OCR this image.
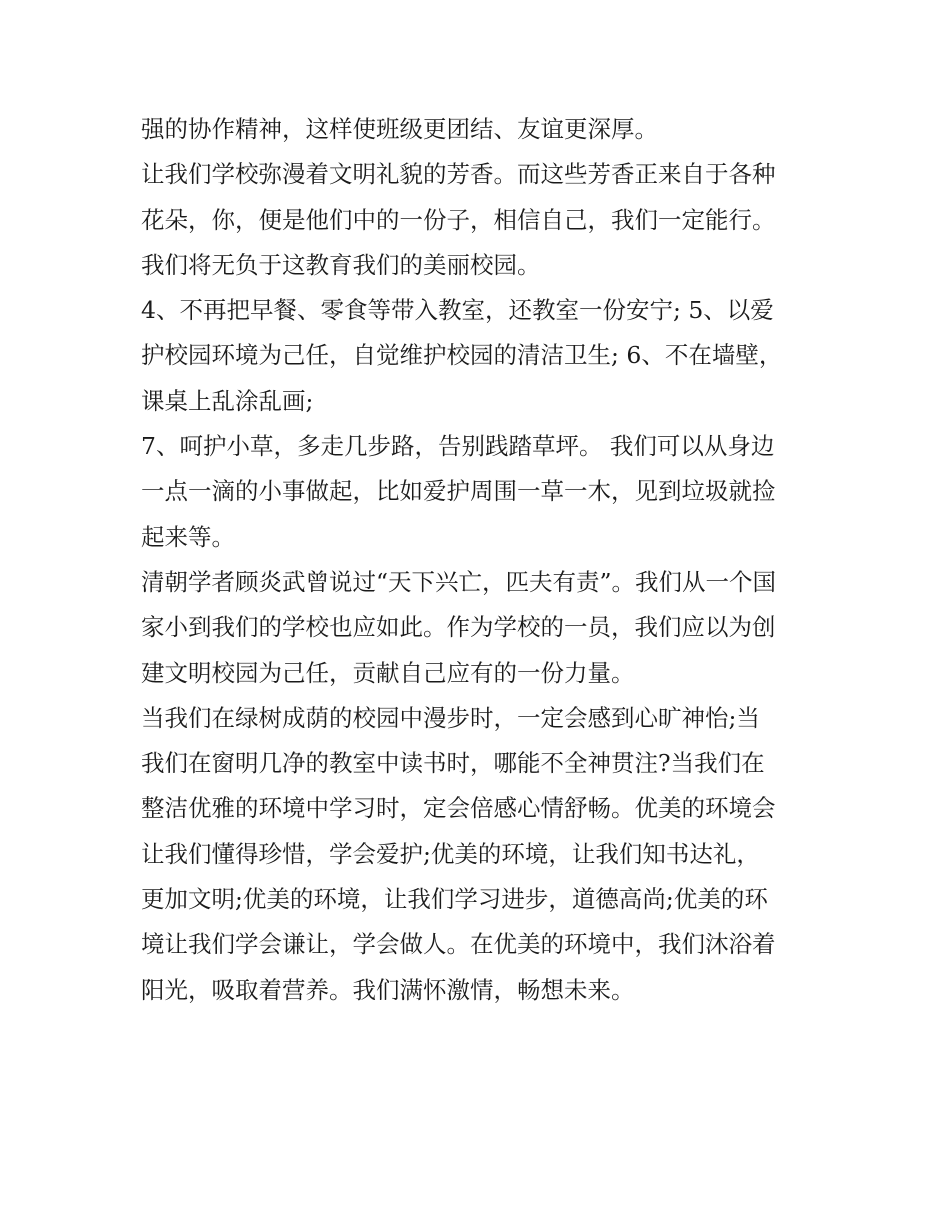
强的协作精神，这样使班级更团结、友谊更深厚。
让我们学校弥漫着文明礼貌的芳香。而这些芳香正来自于各种
花朵，你，便是他们中的一份子，相信自己，我们一定能行。
我们将无负于这教育我们的美丽校园。
4、不再把早餐、零食等带入教室，还教室一份安宁; 5、以爱
护校园环境为己任，自觉维护校园的清洁卫生; 6、不在墙壁，
课桌上乱涂乱画;
7、呵护小草，多走几步路，告别践踏草坪。 我们可以从身边
一点一滴的小事做起，比如爱护周围一草一木，见到垃圾就捡
起来等。
清朝学者顾炎武曾说过“天下兴亡，匹夫有责”。我们从一个国
家小到我们的学校也应如此。作为学校的一员，我们应以为创
建文明校园为己任，贡献自己应有的一份力量。
当我们在绿树成荫的校园中漫步时，一定会感到心旷神怡;当
我们在窗明几净的教室中读书时，哪能不全神贯注?当我们在
整洁优雅的环境中学习时，定会倍感心情舒畅。优美的环境会
让我们懂得珍惜，学会爱护;优美的环境，让我们知书达礼，
更加文明;优美的环境，让我们学习进步，道德高尚;优美的环
境让我们学会谦让，学会做人。在优美的环境中，我们沐浴着
阳光，吸取着营养。我们满怀激情，畅想未来。
